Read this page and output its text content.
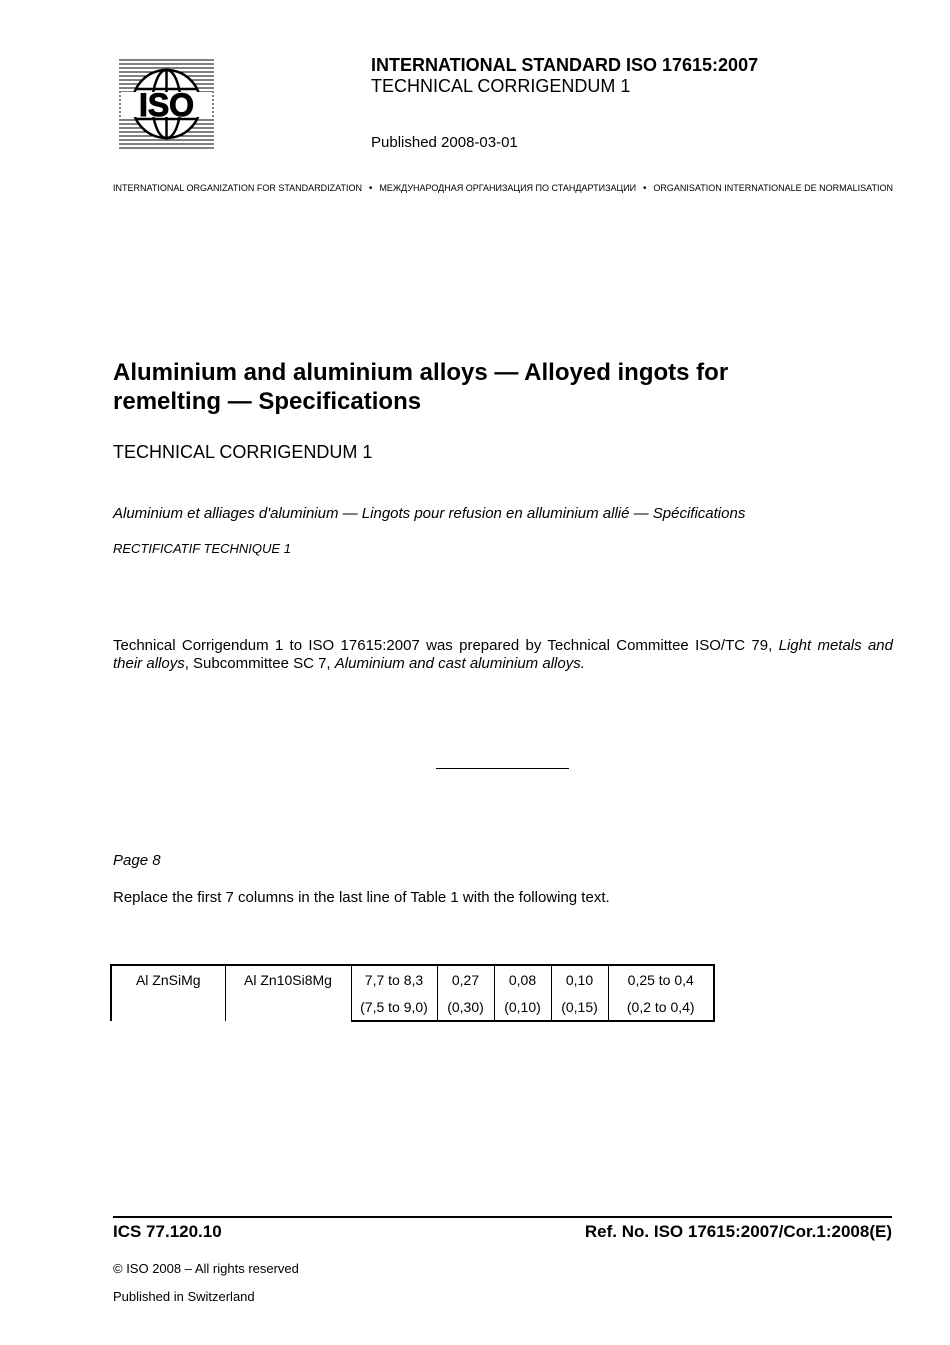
ISO
INTERNATIONAL STANDARD ISO 17615:2007
TECHNICAL CORRIGENDUM 1
Published 2008-03-01
INTERNATIONAL ORGANIZATION FOR STANDARDIZATION • МЕЖДУНАРОДНАЯ ОРГАНИЗАЦИЯ ПО СТАНДАРТИЗАЦИИ • ORGANISATION INTERNATIONALE DE NORMALISATION
Aluminium and aluminium alloys — Alloyed ingots for
remelting — Specifications
TECHNICAL CORRIGENDUM 1
Aluminium et alliages d'aluminium — Lingots pour refusion en alluminium allié — Spécifications
RECTIFICATIF TECHNIQUE 1
Technical Corrigendum 1 to ISO 17615:2007 was prepared by Technical Committee ISO/TC 79, Light metals and their alloys, Subcommittee SC 7, Aluminium and cast aluminium alloys.
Page 8
Replace the first 7 columns in the last line of Table 1 with the following text.
Al ZnSiMg	Al Zn10Si8Mg	7,7 to 8,3	0,27	0,08	0,10	0,25 to 0,4
		(7,5 to 9,0)	(0,30)	(0,10)	(0,15)	(0,2 to 0,4)
ICS 77.120.10	Ref. No. ISO 17615:2007/Cor.1:2008(E)
© ISO 2008 – All rights reserved
Published in Switzerland
